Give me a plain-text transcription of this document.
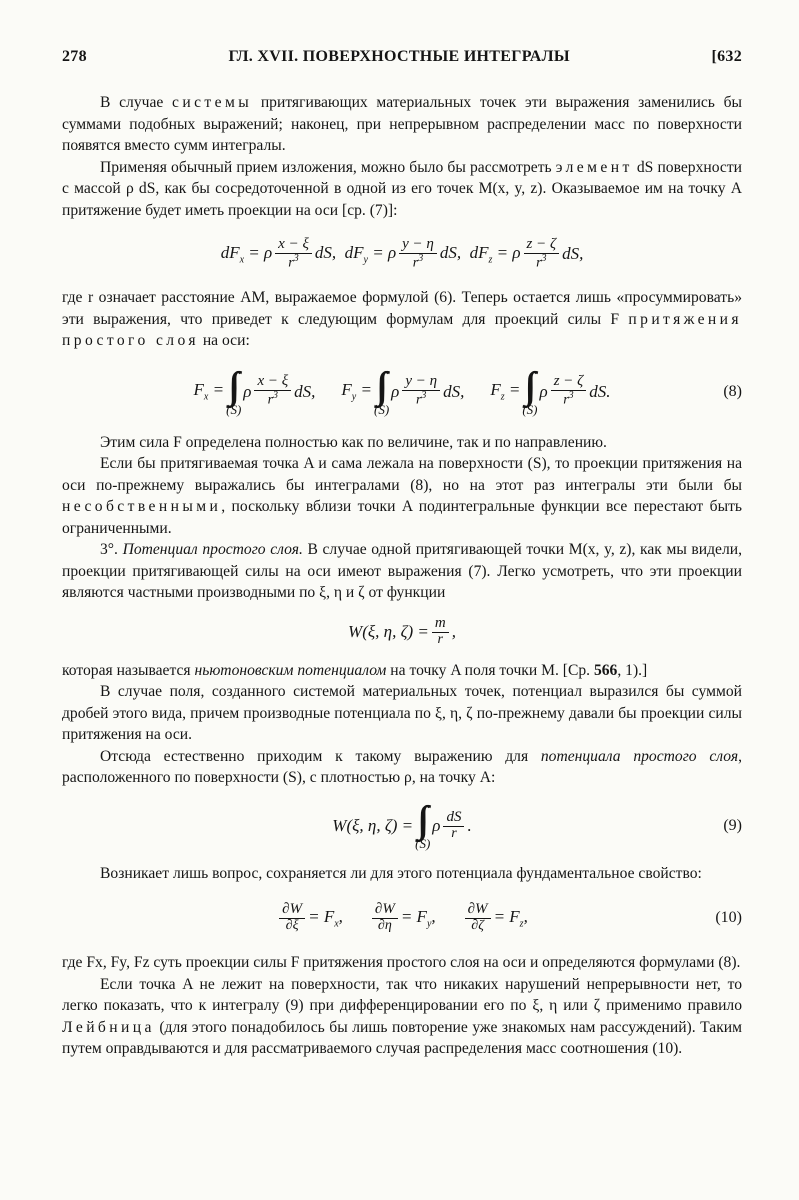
278	ГЛ. XVII. ПОВЕРХНОСТНЫЕ ИНТЕГРАЛЫ	[632

В случае системы притягивающих материальных точек эти выражения заменились бы суммами подобных выражений; наконец, при непрерывном распределении масс по поверхности появятся вместо сумм интегралы.

Применяя обычный прием изложения, можно было бы рассмотреть элемент dS поверхности с массой ρ dS, как бы сосредоточенной в одной из его точек M(x, y, z). Оказываемое им на точку A притяжение будет иметь проекции на оси [ср. (7)]:

$dF_x = \rho \frac{x - \xi}{r^3}$ dS,  $dF_y = \rho \frac{y - \eta}{r^3}$ dS,  $dF_z = \rho \frac{z - \zeta}{r^3}$ dS,

где r означает расстояние AM, выражаемое формулой (6). Теперь остается лишь «просуммировать» эти выражения, что приведет к следующим формулам для проекций силы F притяжения простого слоя на оси:

$F_x$ = ∫∫
(S)
ρ $\frac{x - \xi}{r^3}$ dS, $F_y$ = ∫∫
(S)
ρ $\frac{y - \eta}{r^3}$ dS, $F_z$ = ∫∫
(S)
ρ $\frac{z - \zeta}{r^3}$ dS.	(8)

Этим сила F определена полностью как по величине, так и по направлению.

Если бы притягиваемая точка A и сама лежала на поверхности (S), то проекции притяжения на оси по-прежнему выражались бы интегралами (8), но на этот раз интегралы эти были бы несобственными, поскольку вблизи точки A подинтегральные функции все перестают быть ограниченными.

3°. Потенциал простого слоя. В случае одной притягивающей точки M(x, y, z), как мы видели, проекции притягивающей силы на оси имеют выражения (7). Легко усмотреть, что эти проекции являются частными производными по ξ, η и ζ от функции

W(ξ, η, $\zeta) = \frac{m}{r}$ ,

которая называется ньютоновским потенциалом на точку A поля точки M. [Ср. 566, 1).]

В случае поля, созданного системой материальных точек, потенциал выразился бы суммой дробей этого вида, причем производные потенциала по ξ, η, ζ по-прежнему давали бы проекции силы притяжения на оси.

Отсюда естественно приходим к такому выражению для потенциала простого слоя, расположенного по поверхности (S), с плотностью ρ, на точку A:

W(ξ, η, ζ) = ∫∫
(S)
ρ $\frac{dS}{r}$ .	(9)

Возникает лишь вопрос, сохраняется ли для этого потенциала фундаментальное свойство:

$\frac{\partial W}{\partial\xi} = F_x$, $\frac{\partial W}{\partial\eta} = F_y$, $\frac{\partial W}{\partial\zeta} = F_z$,	(10)

где Fx, Fy, Fz суть проекции силы F притяжения простого слоя на оси и определяются формулами (8).

Если точка A не лежит на поверхности, так что никаких нарушений непрерывности нет, то легко показать, что к интегралу (9) при дифференцировании его по ξ, η или ζ применимо правило Лейбница (для этого понадобилось бы лишь повторение уже знакомых нам рассуждений). Таким путем оправдываются и для рассматриваемого случая распределения масс соотношения (10).
